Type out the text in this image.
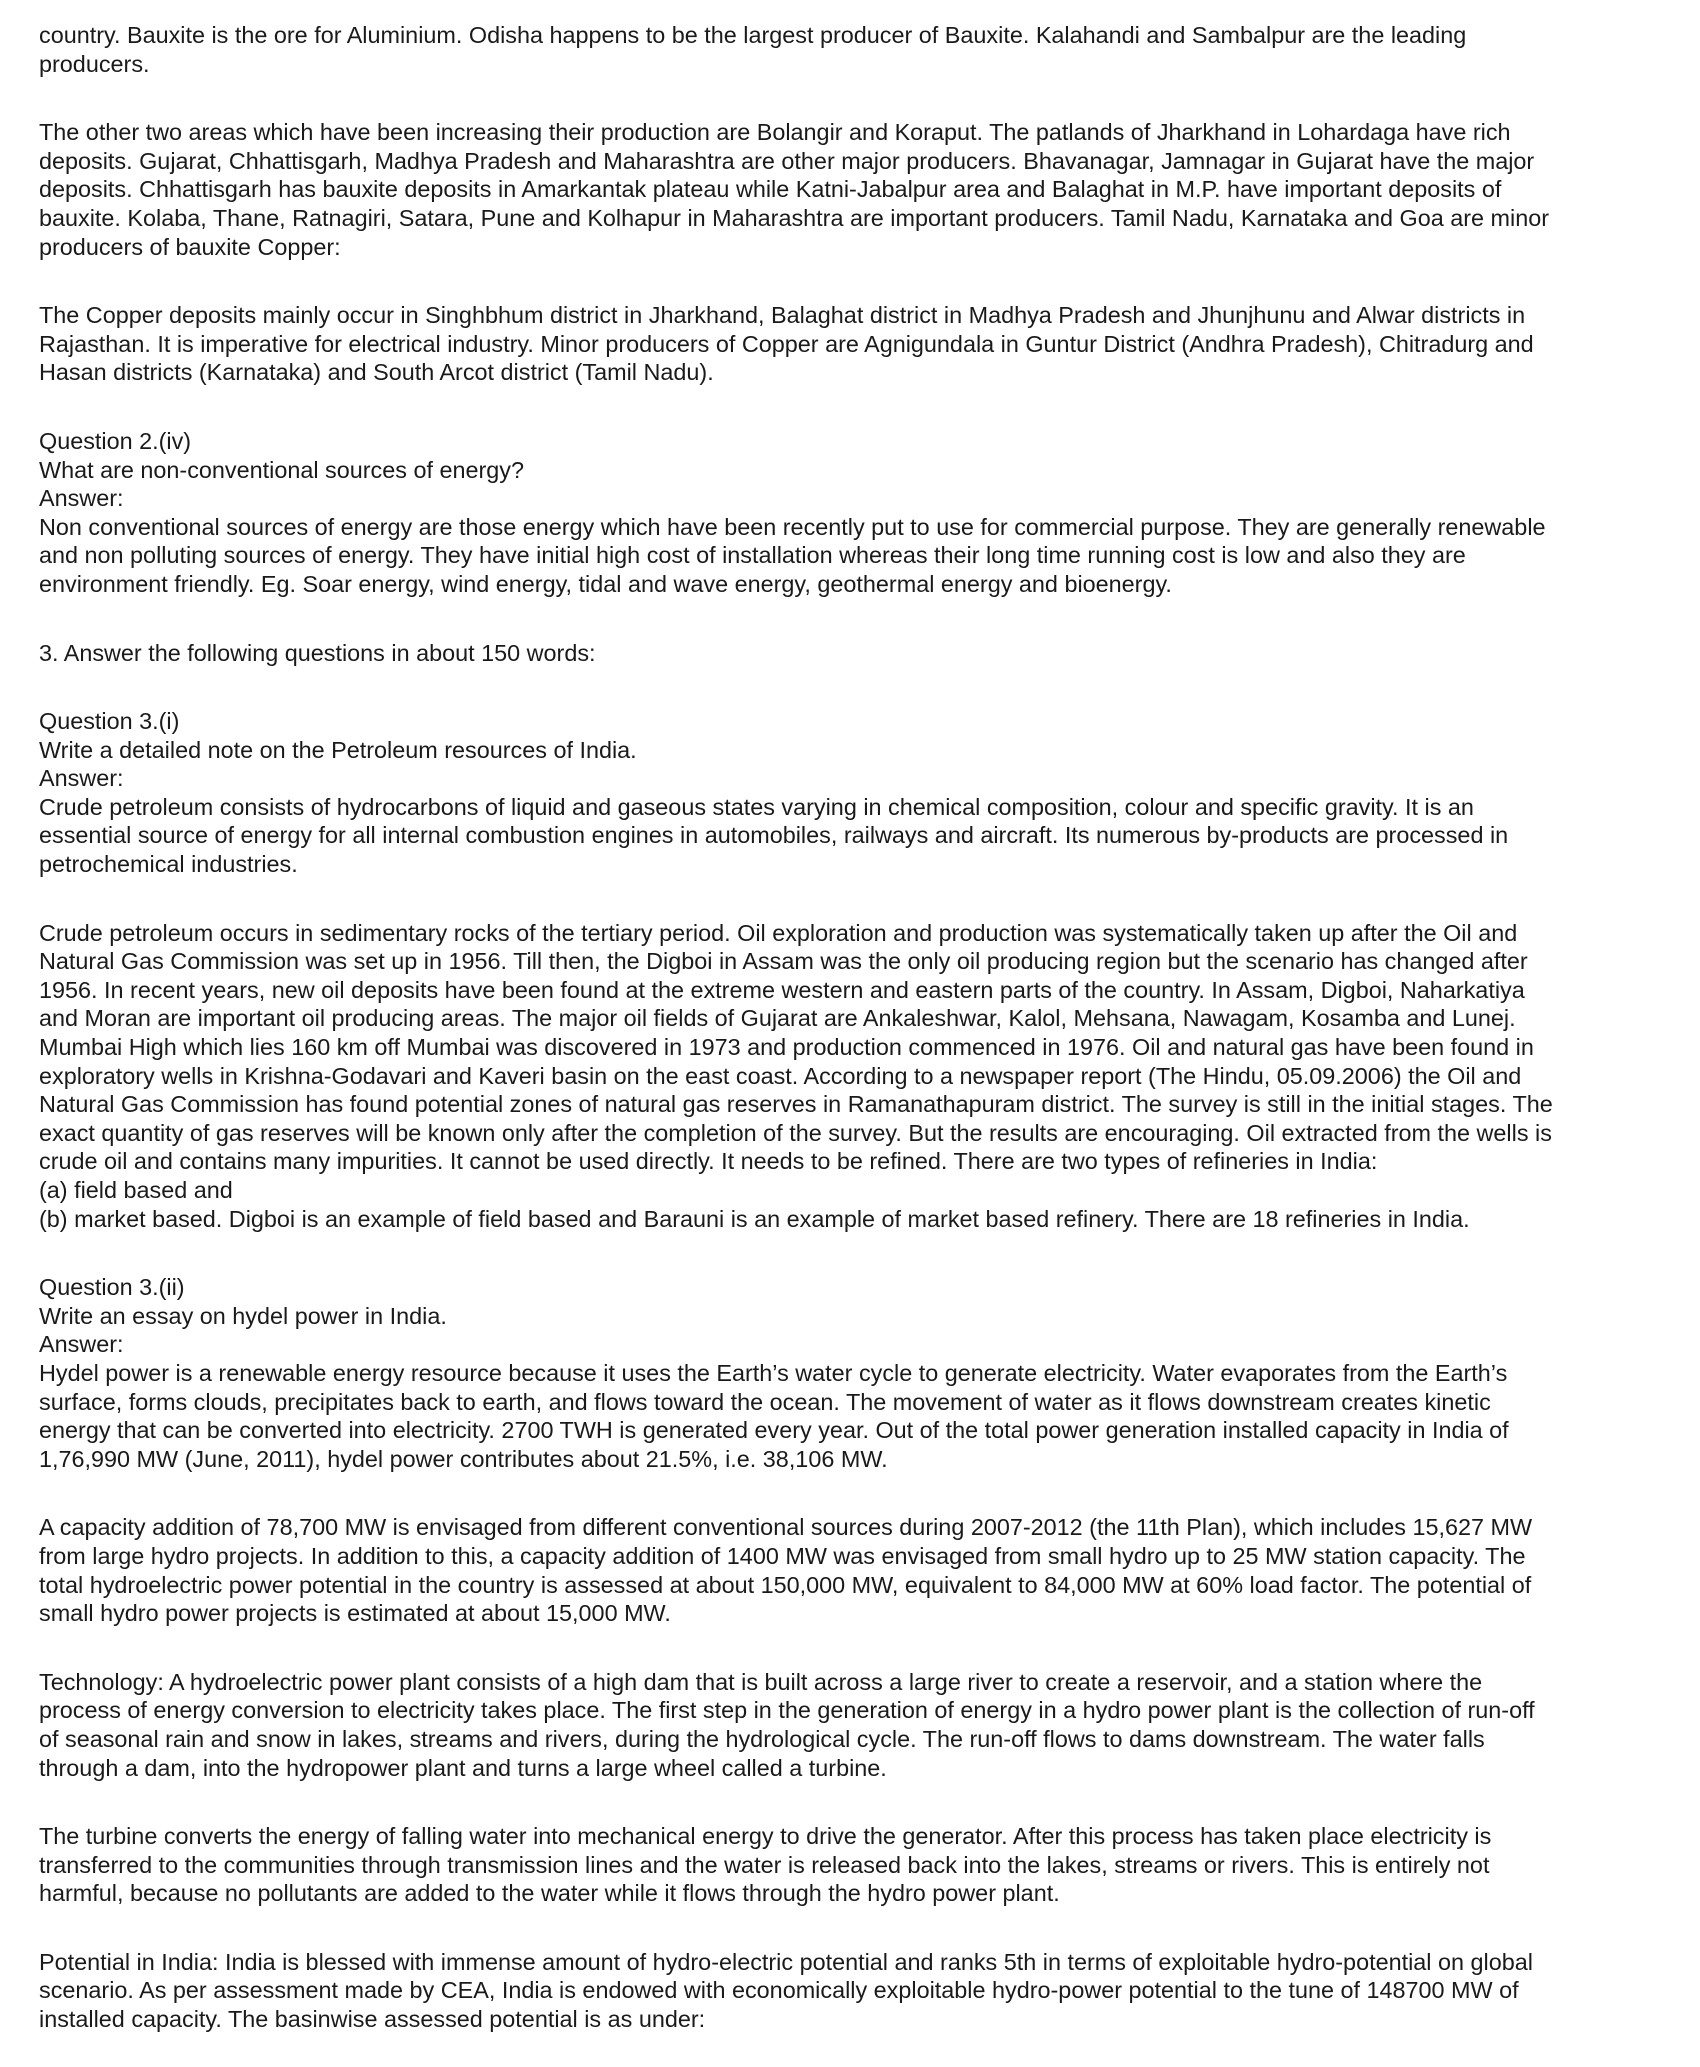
country. Bauxite is the ore for Aluminium. Odisha happens to be the largest producer of Bauxite. Kalahandi and Sambalpur are the leading
producers.
The other two areas which have been increasing their production are Bolangir and Koraput. The patlands of Jharkhand in Lohardaga have rich
deposits. Gujarat, Chhattisgarh, Madhya Pradesh and Maharashtra are other major producers. Bhavanagar, Jamnagar in Gujarat have the major
deposits. Chhattisgarh has bauxite deposits in Amarkantak plateau while Katni-Jabalpur area and Balaghat in M.P. have important deposits of
bauxite. Kolaba, Thane, Ratnagiri, Satara, Pune and Kolhapur in Maharashtra are important producers. Tamil Nadu, Karnataka and Goa are minor
producers of bauxite Copper:
The Copper deposits mainly occur in Singhbhum district in Jharkhand, Balaghat district in Madhya Pradesh and Jhunjhunu and Alwar districts in
Rajasthan. It is imperative for electrical industry. Minor producers of Copper are Agnigundala in Guntur District (Andhra Pradesh), Chitradurg and
Hasan districts (Karnataka) and South Arcot district (Tamil Nadu).
Question 2.(iv)
What are non-conventional sources of energy?
Answer:
Non conventional sources of energy are those energy which have been recently put to use for commercial purpose. They are generally renewable
and non polluting sources of energy. They have initial high cost of installation whereas their long time running cost is low and also they are
environment friendly. Eg. Soar energy, wind energy, tidal and wave energy, geothermal energy and bioenergy.
3. Answer the following questions in about 150 words:
Question 3.(i)
Write a detailed note on the Petroleum resources of India.
Answer:
Crude petroleum consists of hydrocarbons of liquid and gaseous states varying in chemical composition, colour and specific gravity. It is an
essential source of energy for all internal combustion engines in automobiles, railways and aircraft. Its numerous by-products are processed in
petrochemical industries.
Crude petroleum occurs in sedimentary rocks of the tertiary period. Oil exploration and production was systematically taken up after the Oil and
Natural Gas Commission was set up in 1956. Till then, the Digboi in Assam was the only oil producing region but the scenario has changed after
1956. In recent years, new oil deposits have been found at the extreme western and eastern parts of the country. In Assam, Digboi, Naharkatiya
and Moran are important oil producing areas. The major oil fields of Gujarat are Ankaleshwar, Kalol, Mehsana, Nawagam, Kosamba and Lunej.
Mumbai High which lies 160 km off Mumbai was discovered in 1973 and production commenced in 1976. Oil and natural gas have been found in
exploratory wells in Krishna-Godavari and Kaveri basin on the east coast. According to a newspaper report (The Hindu, 05.09.2006) the Oil and
Natural Gas Commission has found potential zones of natural gas reserves in Ramanathapuram district. The survey is still in the initial stages. The
exact quantity of gas reserves will be known only after the completion of the survey. But the results are encouraging. Oil extracted from the wells is
crude oil and contains many impurities. It cannot be used directly. It needs to be refined. There are two types of refineries in India:
(a) field based and
(b) market based. Digboi is an example of field based and Barauni is an example of market based refinery. There are 18 refineries in India.
Question 3.(ii)
Write an essay on hydel power in India.
Answer:
Hydel power is a renewable energy resource because it uses the Earth’s water cycle to generate electricity. Water evaporates from the Earth’s
surface, forms clouds, precipitates back to earth, and flows toward the ocean. The movement of water as it flows downstream creates kinetic
energy that can be converted into electricity. 2700 TWH is generated every year. Out of the total power generation installed capacity in India of
1,76,990 MW (June, 2011), hydel power contributes about 21.5%, i.e. 38,106 MW.
A capacity addition of 78,700 MW is envisaged from different conventional sources during 2007-2012 (the 11th Plan), which includes 15,627 MW
from large hydro projects. In addition to this, a capacity addition of 1400 MW was envisaged from small hydro up to 25 MW station capacity. The
total hydroelectric power potential in the country is assessed at about 150,000 MW, equivalent to 84,000 MW at 60% load factor. The potential of
small hydro power projects is estimated at about 15,000 MW.
Technology: A hydroelectric power plant consists of a high dam that is built across a large river to create a reservoir, and a station where the
process of energy conversion to electricity takes place. The first step in the generation of energy in a hydro power plant is the collection of run-off
of seasonal rain and snow in lakes, streams and rivers, during the hydrological cycle. The run-off flows to dams downstream. The water falls
through a dam, into the hydropower plant and turns a large wheel called a turbine.
The turbine converts the energy of falling water into mechanical energy to drive the generator. After this process has taken place electricity is
transferred to the communities through transmission lines and the water is released back into the lakes, streams or rivers. This is entirely not
harmful, because no pollutants are added to the water while it flows through the hydro power plant.
Potential in India: India is blessed with immense amount of hydro-electric potential and ranks 5th in terms of exploitable hydro-potential on global
scenario. As per assessment made by CEA, India is endowed with economically exploitable hydro-power potential to the tune of 148700 MW of
installed capacity. The basinwise assessed potential is as under:
